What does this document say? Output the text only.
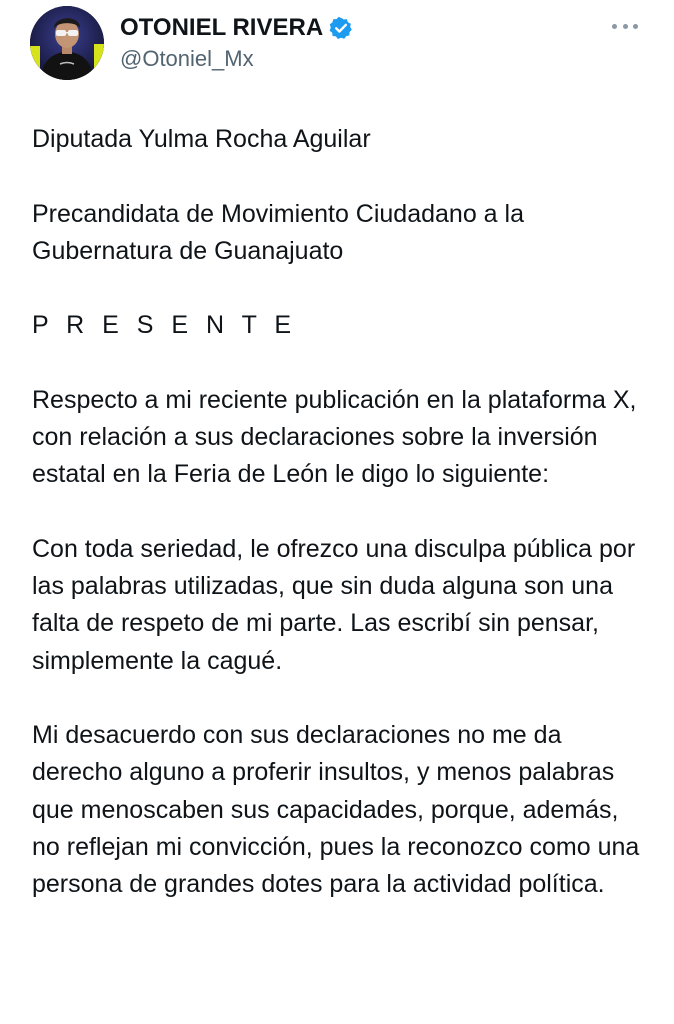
OTONIEL RIVERA
@Otoniel_Mx

Diputada Yulma Rocha Aguilar

Precandidata de Movimiento Ciudadano a la Gubernatura de Guanajuato

P R E S E N T E

Respecto a mi reciente publicación en la plataforma X, con relación a sus declaraciones sobre la inversión estatal en la Feria de León le digo lo siguiente:

Con toda seriedad, le ofrezco una disculpa pública por las palabras utilizadas, que sin duda alguna son una falta de respeto de mi parte. Las escribí sin pensar, simplemente la cagué.

Mi desacuerdo con sus declaraciones no me da derecho alguno a proferir insultos, y menos palabras que menoscaben sus capacidades, porque, además, no reflejan mi convicción, pues la reconozco como una persona de grandes dotes para la actividad política.
